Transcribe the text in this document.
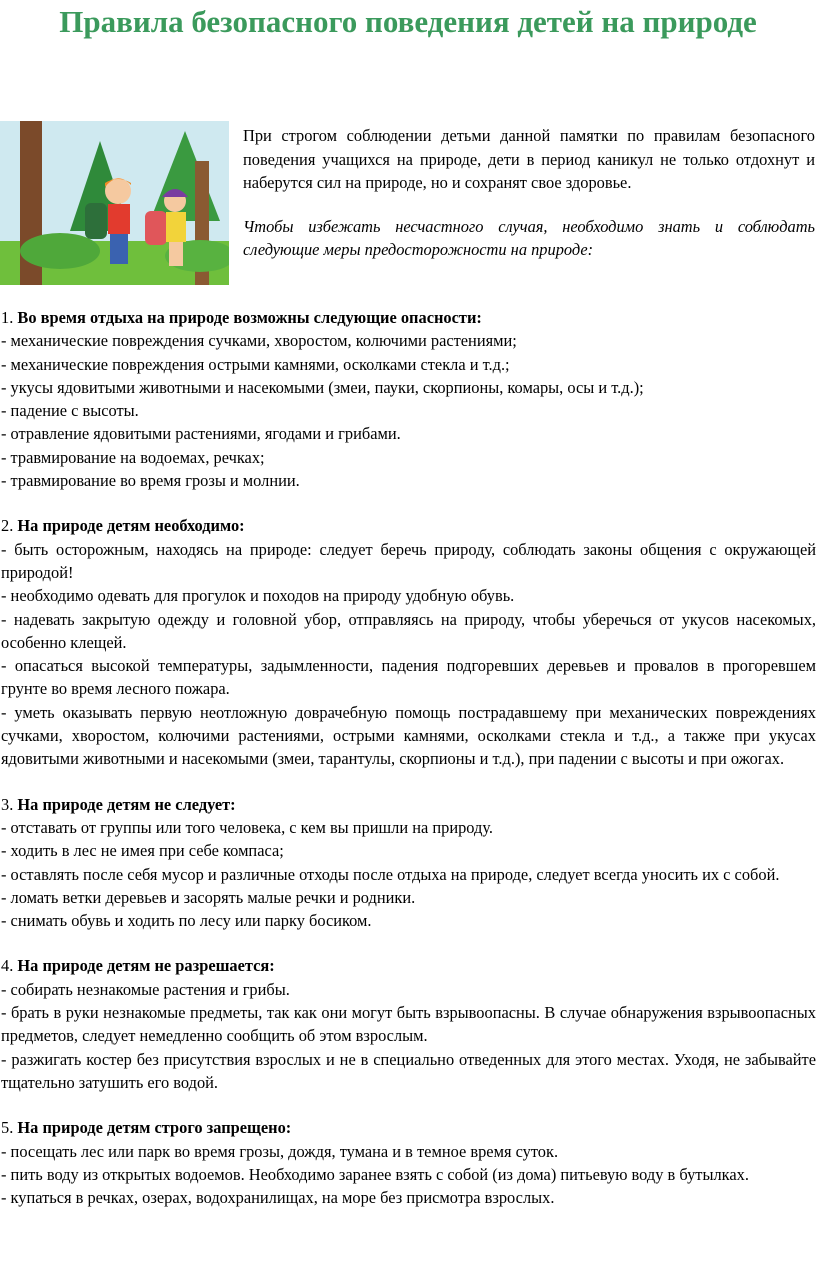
Правила безопасного поведения детей на природе

При строгом соблюдении детьми данной памятки по правилам безопасного поведения учащихся на природе, дети в период каникул не только отдохнут и наберутся сил на природе, но и сохранят свое здоровье.

Чтобы избежать несчастного случая, необходимо знать и соблюдать следующие меры предосторожности на природе:

1. Во время отдыха на природе возможны следующие опасности:

- механические повреждения сучками, хворостом, колючими растениями;

- механические повреждения острыми камнями, осколками стекла и т.д.;

- укусы ядовитыми животными и насекомыми (змеи, пауки, скорпионы, комары, осы и т.д.);

- падение с высоты.

- отравление ядовитыми растениями, ягодами и грибами.

- травмирование на водоемах, речках;

- травмирование во время грозы и молнии.

2. На природе детям необходимо:

- быть осторожным, находясь на природе: следует беречь природу, соблюдать законы общения с окружающей природой!

- необходимо одевать для прогулок и походов на природу удобную обувь.

- надевать закрытую одежду и головной убор, отправляясь на природу, чтобы уберечься от укусов насекомых, особенно клещей.

- опасаться высокой температуры, задымленности, падения подгоревших деревьев и провалов в прогоревшем грунте во время лесного пожара.

- уметь оказывать первую неотложную доврачебную помощь пострадавшему при механических повреждениях сучками, хворостом, колючими растениями, острыми камнями, осколками стекла и т.д., а также при укусах ядовитыми животными и насекомыми (змеи, тарантулы, скорпионы и т.д.), при падении с высоты и при ожогах.

3. На природе детям не следует:

- отставать от группы или того человека, с кем вы пришли на природу.

- ходить в лес не имея при себе компаса;

- оставлять после себя мусор и различные отходы после отдыха на природе, следует всегда уносить их с собой.

- ломать ветки деревьев и засорять малые речки и родники.

- снимать обувь и ходить по лесу или парку босиком.

4. На природе детям не разрешается:

- собирать незнакомые растения и грибы.

- брать в руки незнакомые предметы, так как они могут быть взрывоопасны. В случае обнаружения взрывоопасных предметов, следует немедленно сообщить об этом взрослым.

- разжигать костер без присутствия взрослых и не в специально отведенных для этого местах. Уходя, не забывайте тщательно затушить его водой.

5. На природе детям строго запрещено:

- посещать лес или парк во время грозы, дождя, тумана и в темное время суток.

- пить воду из открытых водоемов. Необходимо заранее взять с собой (из дома) питьевую воду в бутылках.

- купаться в речках, озерах, водохранилищах, на море без присмотра взрослых.
